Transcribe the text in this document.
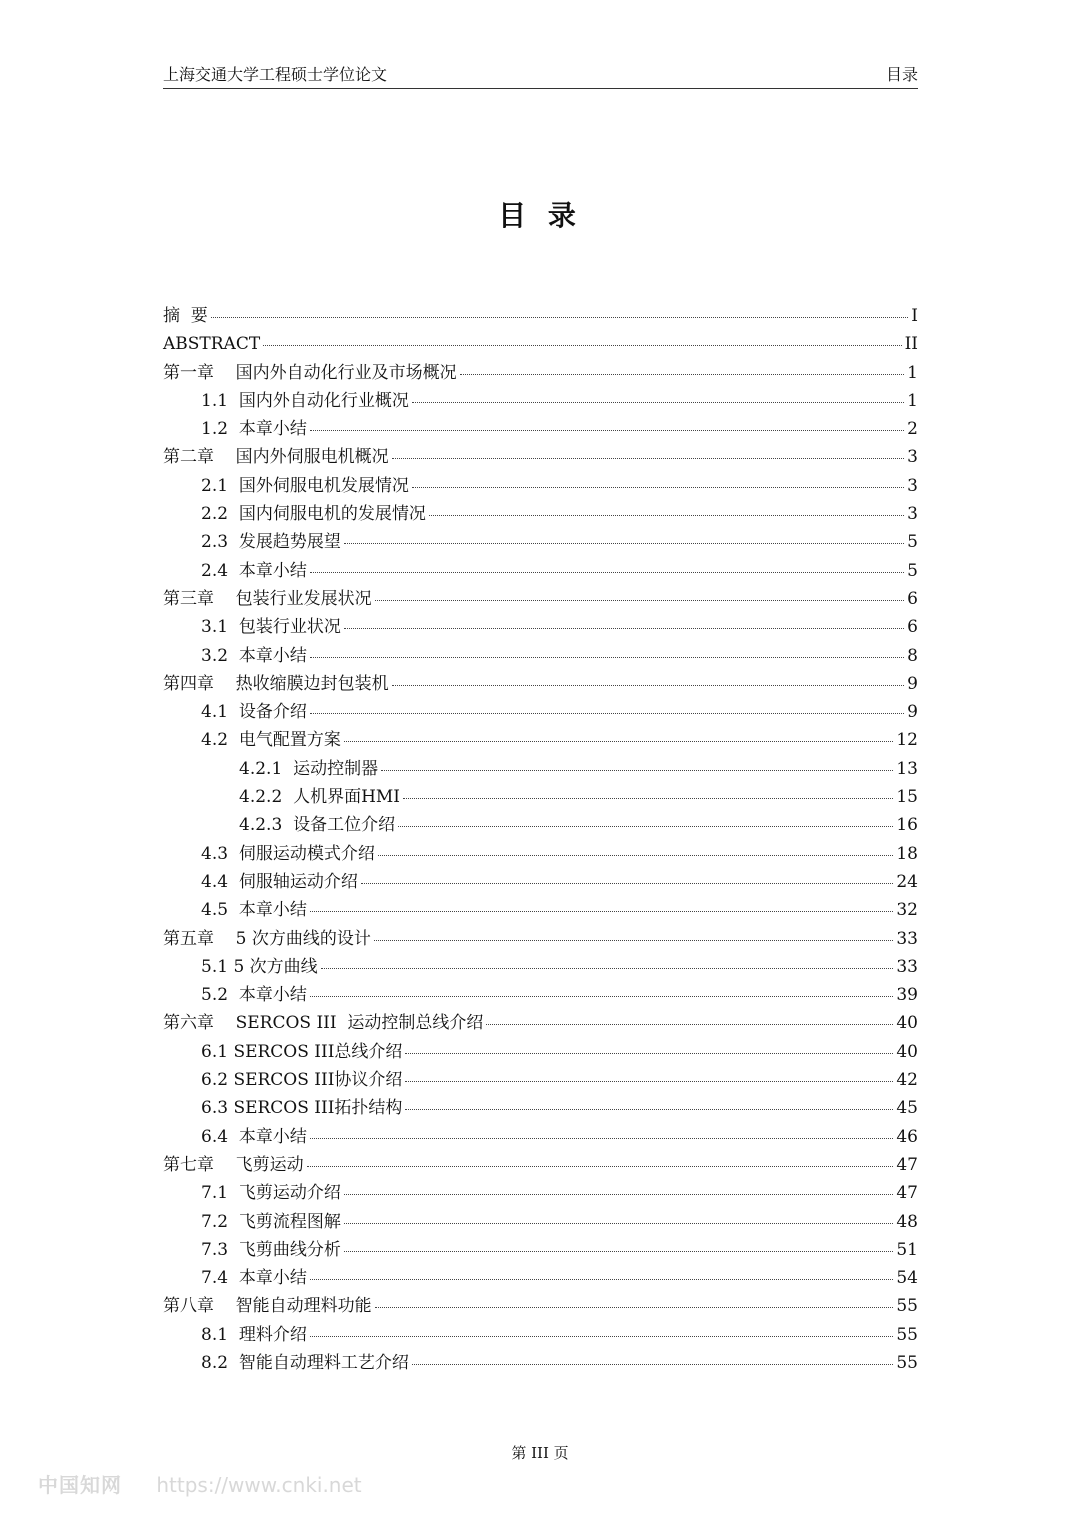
上海交通大学工程硕士学位论文	目录
目 录
摘  要	I
ABSTRACT	II
第一章    国内外自动化行业及市场概况	1
1.1  国内外自动化行业概况	1
1.2  本章小结	2
第二章    国内外伺服电机概况	3
2.1  国外伺服电机发展情况	3
2.2  国内伺服电机的发展情况	3
2.3  发展趋势展望	5
2.4  本章小结	5
第三章    包装行业发展状况	6
3.1  包装行业状况	6
3.2  本章小结	8
第四章    热收缩膜边封包装机	9
4.1  设备介绍	9
4.2  电气配置方案	12
4.2.1  运动控制器	13
4.2.2  人机界面HMI	15
4.2.3  设备工位介绍	16
4.3  伺服运动模式介绍	18
4.4  伺服轴运动介绍	24
4.5  本章小结	32
第五章    5 次方曲线的设计	33
5.1 5 次方曲线	33
5.2  本章小结	39
第六章    SERCOS III  运动控制总线介绍	40
6.1 SERCOS III总线介绍	40
6.2 SERCOS III协议介绍	42
6.3 SERCOS III拓扑结构	45
6.4  本章小结	46
第七章    飞剪运动	47
7.1  飞剪运动介绍	47
7.2  飞剪流程图解	48
7.3  飞剪曲线分析	51
7.4  本章小结	54
第八章    智能自动理料功能	55
8.1  理料介绍	55
8.2  智能自动理料工艺介绍	55
第 III 页
中国知网 https://www.cnki.net
